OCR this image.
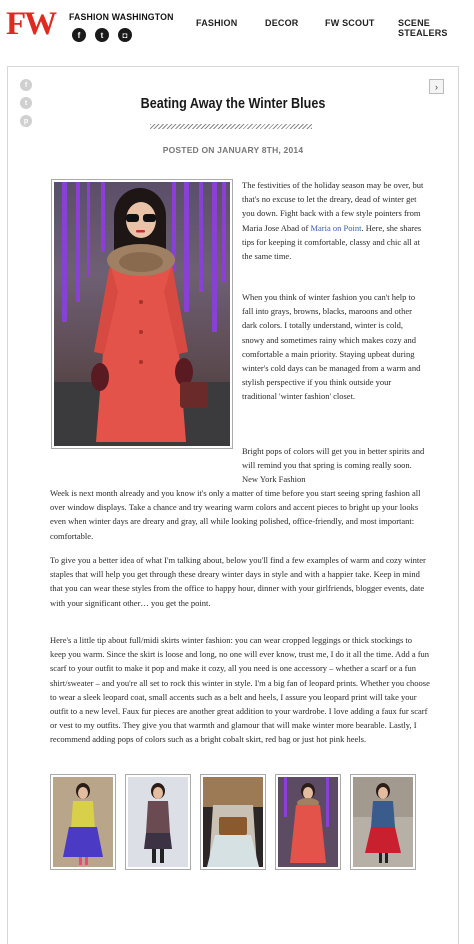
FW FASHION WASHINGTON
f	t	◘
FASHION	DECOR	FW SCOUT	SCENE STEALERS
f
t
p
›
Beating Away the Winter Blues
POSTED ON JANUARY 8TH, 2014
The festivities of the holiday season may be over, but that's no excuse to let the dreary, dead of winter get you down. Fight back with a few style pointers from Maria Jose Abad of Maria on Point. Here, she shares tips for keeping it comfortable, classy and chic all at the same time.
When you think of winter fashion you can't help to fall into grays, browns, blacks, maroons and other dark colors. I totally understand, winter is cold, snowy and sometimes rainy which makes cozy and comfortable a main priority. Staying upbeat during winter's cold days can be managed from a warm and stylish perspective if you think outside your traditional 'winter fashion' closet.
Bright pops of colors will get you in better spirits and will remind you that spring is coming really soon. New York Fashion
Week is next month already and you know it's only a matter of time before you start seeing spring fashion all over window displays. Take a chance and try wearing warm colors and accent pieces to bright up your looks even when winter days are dreary and gray, all while looking polished, office-friendly, and most important: comfortable.
To give you a better idea of what I'm talking about, below you'll find a few examples of warm and cozy winter staples that will help you get through these dreary winter days in style and with a happier take. Keep in mind that you can wear these styles from the office to happy hour, dinner with your girlfriends, blogger events, date with your significant other… you get the point.
Here's a little tip about full/midi skirts winter fashion: you can wear cropped leggings or thick stockings to keep you warm. Since the skirt is loose and long, no one will ever know, trust me, I do it all the time. Add a fun scarf to your outfit to make it pop and make it cozy, all you need is one accessory – whether a scarf or a fun shirt/sweater – and you're all set to rock this winter in style. I'm a big fan of leopard prints. Whether you choose to wear a sleek leopard coat, small accents such as a belt and heels, I assure you leopard print will take your outfit to a new level. Faux fur pieces are another great addition to your wardrobe. I love adding a faux fur scarf or vest to my outfits. They give you that warmth and glamour that will make winter more bearable. Lastly, I recommend adding pops of colors such as a bright cobalt skirt, red bag or just hot pink heels.
